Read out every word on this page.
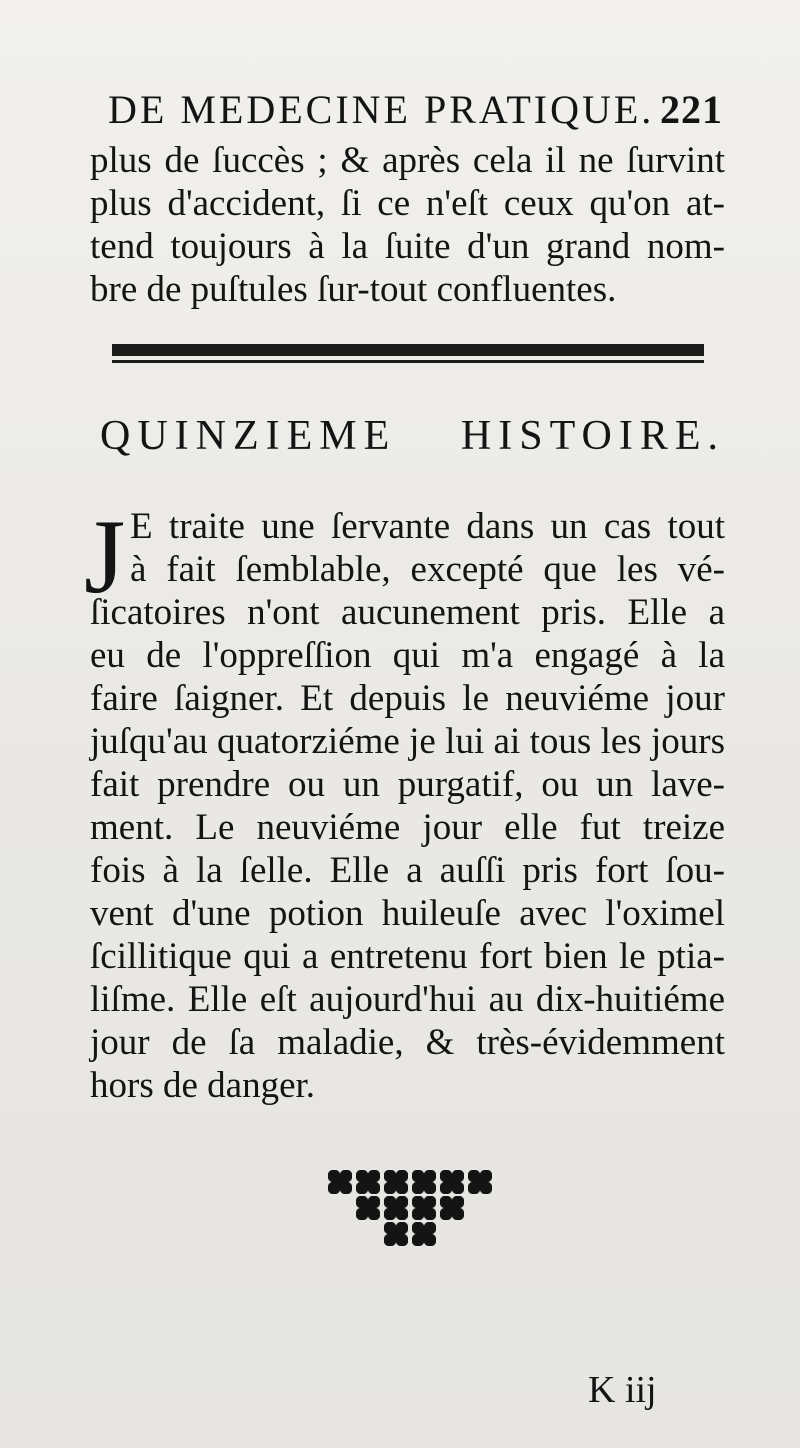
DE MEDECINE PRATIQUE. 221
plus de ſuccès ; & après cela il ne ſurvint
plus d'accident, ſi ce n'eſt ceux qu'on at-
tend toujours à la ſuite d'un grand nom-
bre de puſtules ſur-tout confluentes.
QUINZIEME HISTOIRE.
J E traite une ſervante dans un cas tout
à fait ſemblable, excepté que les vé-
ſicatoires n'ont aucunement pris. Elle a
eu de l'oppreſſion qui m'a engagé à la
faire ſaigner. Et depuis le neuviéme jour
juſqu'au quatorziéme je lui ai tous les jours
fait prendre ou un purgatif, ou un lave-
ment. Le neuviéme jour elle fut treize
fois à la ſelle. Elle a auſſi pris fort ſou-
vent d'une potion huileuſe avec l'oximel
ſcillitique qui a entretenu fort bien le ptia-
liſme. Elle eſt aujourd'hui au dix-huitiéme
jour de ſa maladie, & très-évidemment
hors de danger.
K iij
